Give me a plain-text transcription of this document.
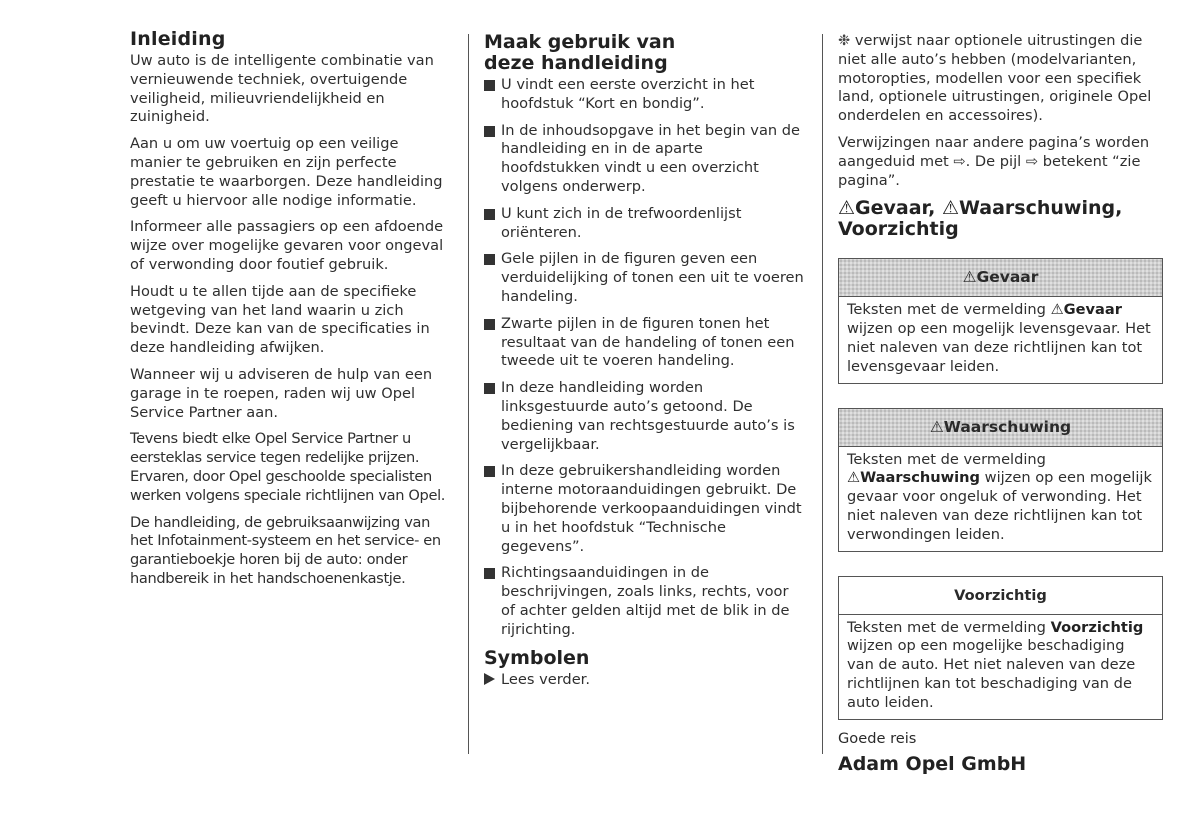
Inleiding

Uw auto is de intelligente combinatie van vernieuwende techniek, overtuigende veiligheid, milieuvriendelijkheid en zuinigheid.

Aan u om uw voertuig op een veilige manier te gebruiken en zijn perfecte prestatie te waarborgen. Deze handleiding geeft u hiervoor alle nodige informatie.

Informeer alle passagiers op een afdoende wijze over mogelijke gevaren voor ongeval of verwonding door foutief gebruik.

Houdt u te allen tijde aan de specifieke wetgeving van het land waarin u zich bevindt. Deze kan van de specificaties in deze handleiding afwijken.

Wanneer wij u adviseren de hulp van een garage in te roepen, raden wij uw Opel Service Partner aan.

Tevens biedt elke Opel Service Partner u eersteklas service tegen redelijke prijzen. Ervaren, door Opel geschoolde specialisten werken volgens speciale richtlijnen van Opel.

De handleiding, de gebruiksaanwijzing van het Infotainment-systeem en het service- en garantieboekje horen bij de auto: onder handbereik in het handschoenenkastje.

Maak gebruik van deze handleiding
U vindt een eerste overzicht in het hoofdstuk “Kort en bondig”.
In de inhoudsopgave in het begin van de handleiding en in de aparte hoofdstukken vindt u een overzicht volgens onderwerp.
U kunt zich in de trefwoordenlijst oriënteren.
Gele pijlen in de figuren geven een verduidelijking of tonen een uit te voeren handeling.
Zwarte pijlen in de figuren tonen het resultaat van de handeling of tonen een tweede uit te voeren handeling.
In deze handleiding worden linksgestuurde auto’s getoond. De bediening van rechtsgestuurde auto’s is vergelijkbaar.
In deze gebruikershandleiding worden interne motoraanduidingen gebruikt. De bijbehorende verkoopaanduidingen vindt u in het hoofdstuk “Technische gegevens”.
Richtingsaanduidingen in de beschrijvingen, zoals links, rechts, voor of achter gelden altijd met de blik in de rijrichting.
Symbolen
Lees verder.

❉ verwijst naar optionele uitrustingen die niet alle auto’s hebben (modelvarianten, motoropties, modellen voor een specifiek land, optionele uitrustingen, originele Opel onderdelen en accessoires).

Verwijzingen naar andere pagina’s worden aangeduid met ⇨. De pijl ⇨ betekent “zie pagina”.

⚠Gevaar, ⚠Waarschuwing,
Voorzichtig
⚠Gevaar
Teksten met de vermelding ⚠Gevaar wijzen op een mogelijk levensgevaar. Het niet naleven van deze richtlijnen kan tot levensgevaar leiden.
⚠Waarschuwing
Teksten met de vermelding ⚠Waarschuwing wijzen op een mogelijk gevaar voor ongeluk of verwonding. Het niet naleven van deze richtlijnen kan tot verwondingen leiden.
Voorzichtig
Teksten met de vermelding Voorzichtig wijzen op een mogelijke beschadiging van de auto. Het niet naleven van deze richtlijnen kan tot beschadiging van de auto leiden.
Goede reis
Adam Opel GmbH
